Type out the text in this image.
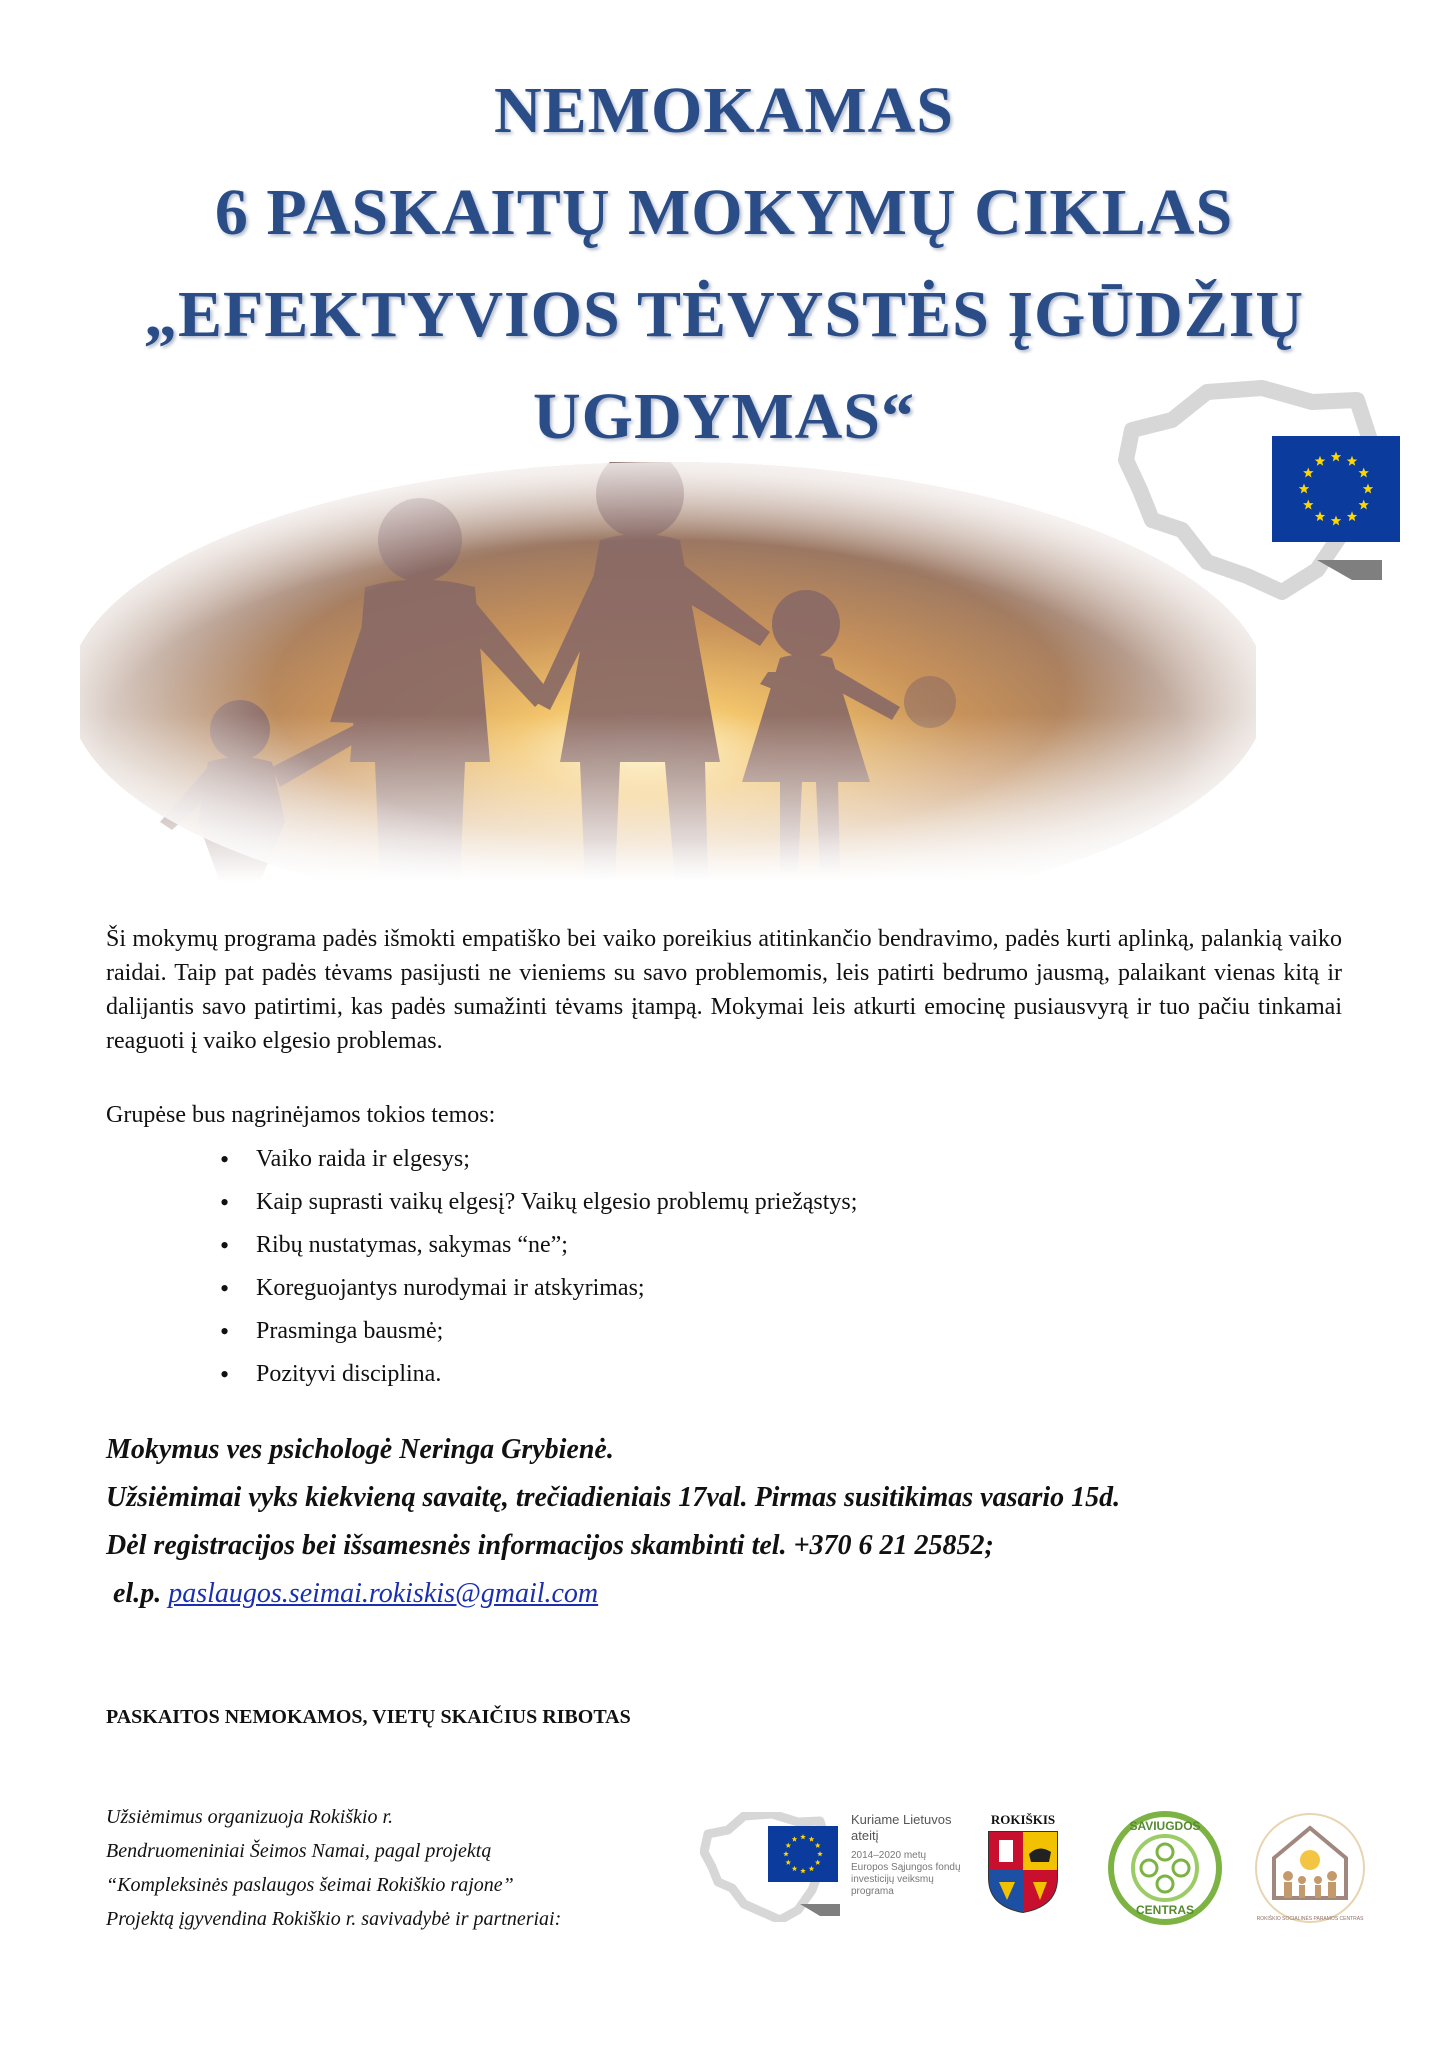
NEMOKAMAS

6 PASKAITŲ MOKYMŲ CIKLAS

„EFEKTYVIOS TĖVYSTĖS ĮGŪDŽIŲ

UGDYMAS“

Ši mokymų programa padės išmokti empatiško bei vaiko poreikius atitinkančio bendravimo, padės kurti aplinką, palankią vaiko raidai. Taip pat padės tėvams pasijusti ne vieniems su savo problemomis, leis patirti bedrumo jausmą, palaikant vienas kitą ir dalijantis savo patirtimi, kas padės sumažinti tėvams įtampą. Mokymai leis atkurti emocinę pusiausvyrą ir tuo pačiu tinkamai reaguoti į vaiko elgesio problemas.

Grupėse bus nagrinėjamos tokios temos:

• Vaiko raida ir elgesys;
• Kaip suprasti vaikų elgesį? Vaikų elgesio problemų priežąstys;
• Ribų nustatymas, sakymas “ne”;
• Koreguojantys nurodymai ir atskyrimas;
• Prasminga bausmė;
• Pozityvi disciplina.

Mokymus ves psichologė Neringa Grybienė.

Užsiėmimai vyks kiekvieną savaitę, trečiadieniais 17val. Pirmas susitikimas vasario 15d.

Dėl registracijos bei išsamesnės informacijos skambinti tel. +370 6 21 25852;

el.p. paslaugos.seimai.rokiskis@gmail.com

PASKAITOS NEMOKAMOS, VIETŲ SKAIČIUS RIBOTAS

Užsiėmimus organizuoja Rokiškio r.

Bendruomeniniai Šeimos Namai, pagal projektą

“Kompleksinės paslaugos šeimai Rokiškio rajone”

Projektą įgyvendina Rokiškio r. savivadybė ir partneriai:

Kuriame Lietuvos ateitį
2014–2020 metų Europos Sąjungos fondų investicijų veiksmų programa
ROKIŠKIS	SAVIUGDOS
CENTRAS
ROKIŠKIO SOCIALINĖS PARAMOS CENTRAS
